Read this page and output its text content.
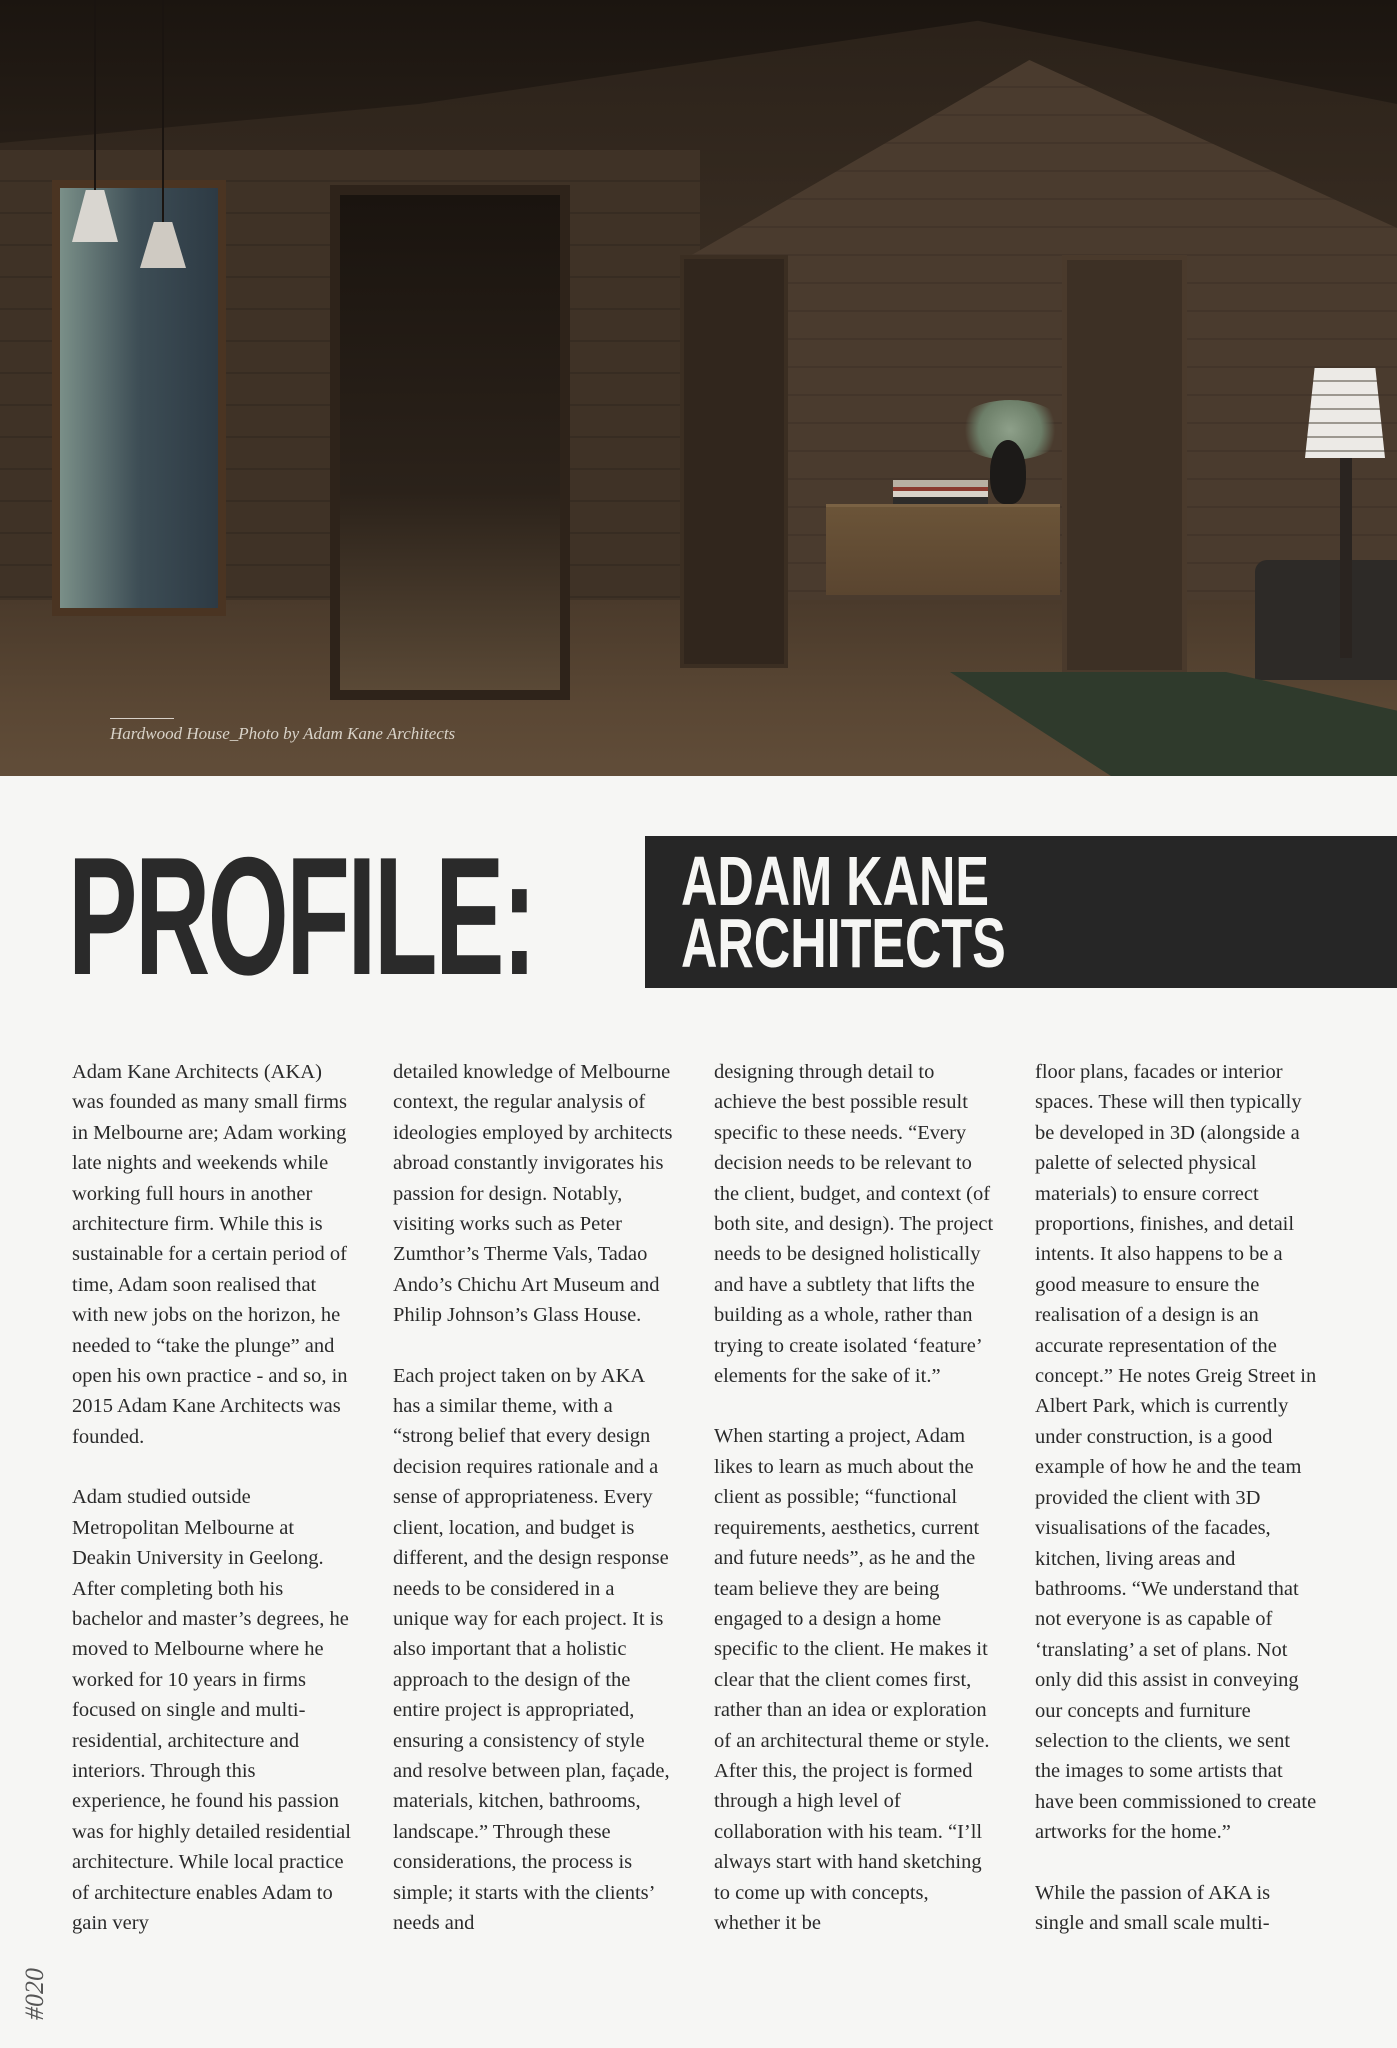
Hardwood House_Photo by Adam Kane Architects
PROFILE: ADAM KANE
ARCHITECTS

Adam Kane Architects (AKA) was founded as many small firms in Melbourne are; Adam working late nights and weekends while working full hours in another architecture firm. While this is sustainable for a certain period of time, Adam soon realised that with new jobs on the horizon, he needed to “take the plunge” and open his own practice - and so, in 2015 Adam Kane Architects was founded.

Adam studied outside Metropolitan Melbourne at Deakin University in Geelong. After completing both his bachelor and master’s degrees, he moved to Melbourne where he worked for 10 years in firms focused on single and multi-residential, architecture and interiors. Through this experience, he found his passion was for highly detailed residential architecture. While local practice of architecture enables Adam to gain very

detailed knowledge of Melbourne context, the regular analysis of ideologies employed by architects abroad constantly invigorates his passion for design. Notably, visiting works such as Peter Zumthor’s Therme Vals, Tadao Ando’s Chichu Art Museum and Philip Johnson’s Glass House.

Each project taken on by AKA has a similar theme, with a “strong belief that every design decision requires rationale and a sense of appropriateness. Every client, location, and budget is different, and the design response needs to be considered in a unique way for each project. It is also important that a holistic approach to the design of the entire project is appropriated, ensuring a consistency of style and resolve between plan, façade, materials, kitchen, bathrooms, landscape.” Through these considerations, the process is simple; it starts with the clients’ needs and

designing through detail to achieve the best possible result specific to these needs. “Every decision needs to be relevant to the client, budget, and context (of both site, and design). The project needs to be designed holistically and have a subtlety that lifts the building as a whole, rather than trying to create isolated ‘feature’ elements for the sake of it.”

When starting a project, Adam likes to learn as much about the client as possible; “functional requirements, aesthetics, current and future needs”, as he and the team believe they are being engaged to a design a home specific to the client. He makes it clear that the client comes first, rather than an idea or exploration of an architectural theme or style. After this, the project is formed through a high level of collaboration with his team. “I’ll always start with hand sketching to come up with concepts, whether it be

floor plans, facades or interior spaces. These will then typically be developed in 3D (alongside a palette of selected physical materials) to ensure correct proportions, finishes, and detail intents. It also happens to be a good measure to ensure the realisation of a design is an accurate representation of the concept.” He notes Greig Street in Albert Park, which is currently under construction, is a good example of how he and the team provided the client with 3D visualisations of the facades, kitchen, living areas and bathrooms. “We understand that not everyone is as capable of ‘translating’ a set of plans. Not only did this assist in conveying our concepts and furniture selection to the clients, we sent the images to some artists that have been commissioned to create artworks for the home.”

While the passion of AKA is single and small scale multi-

#020
